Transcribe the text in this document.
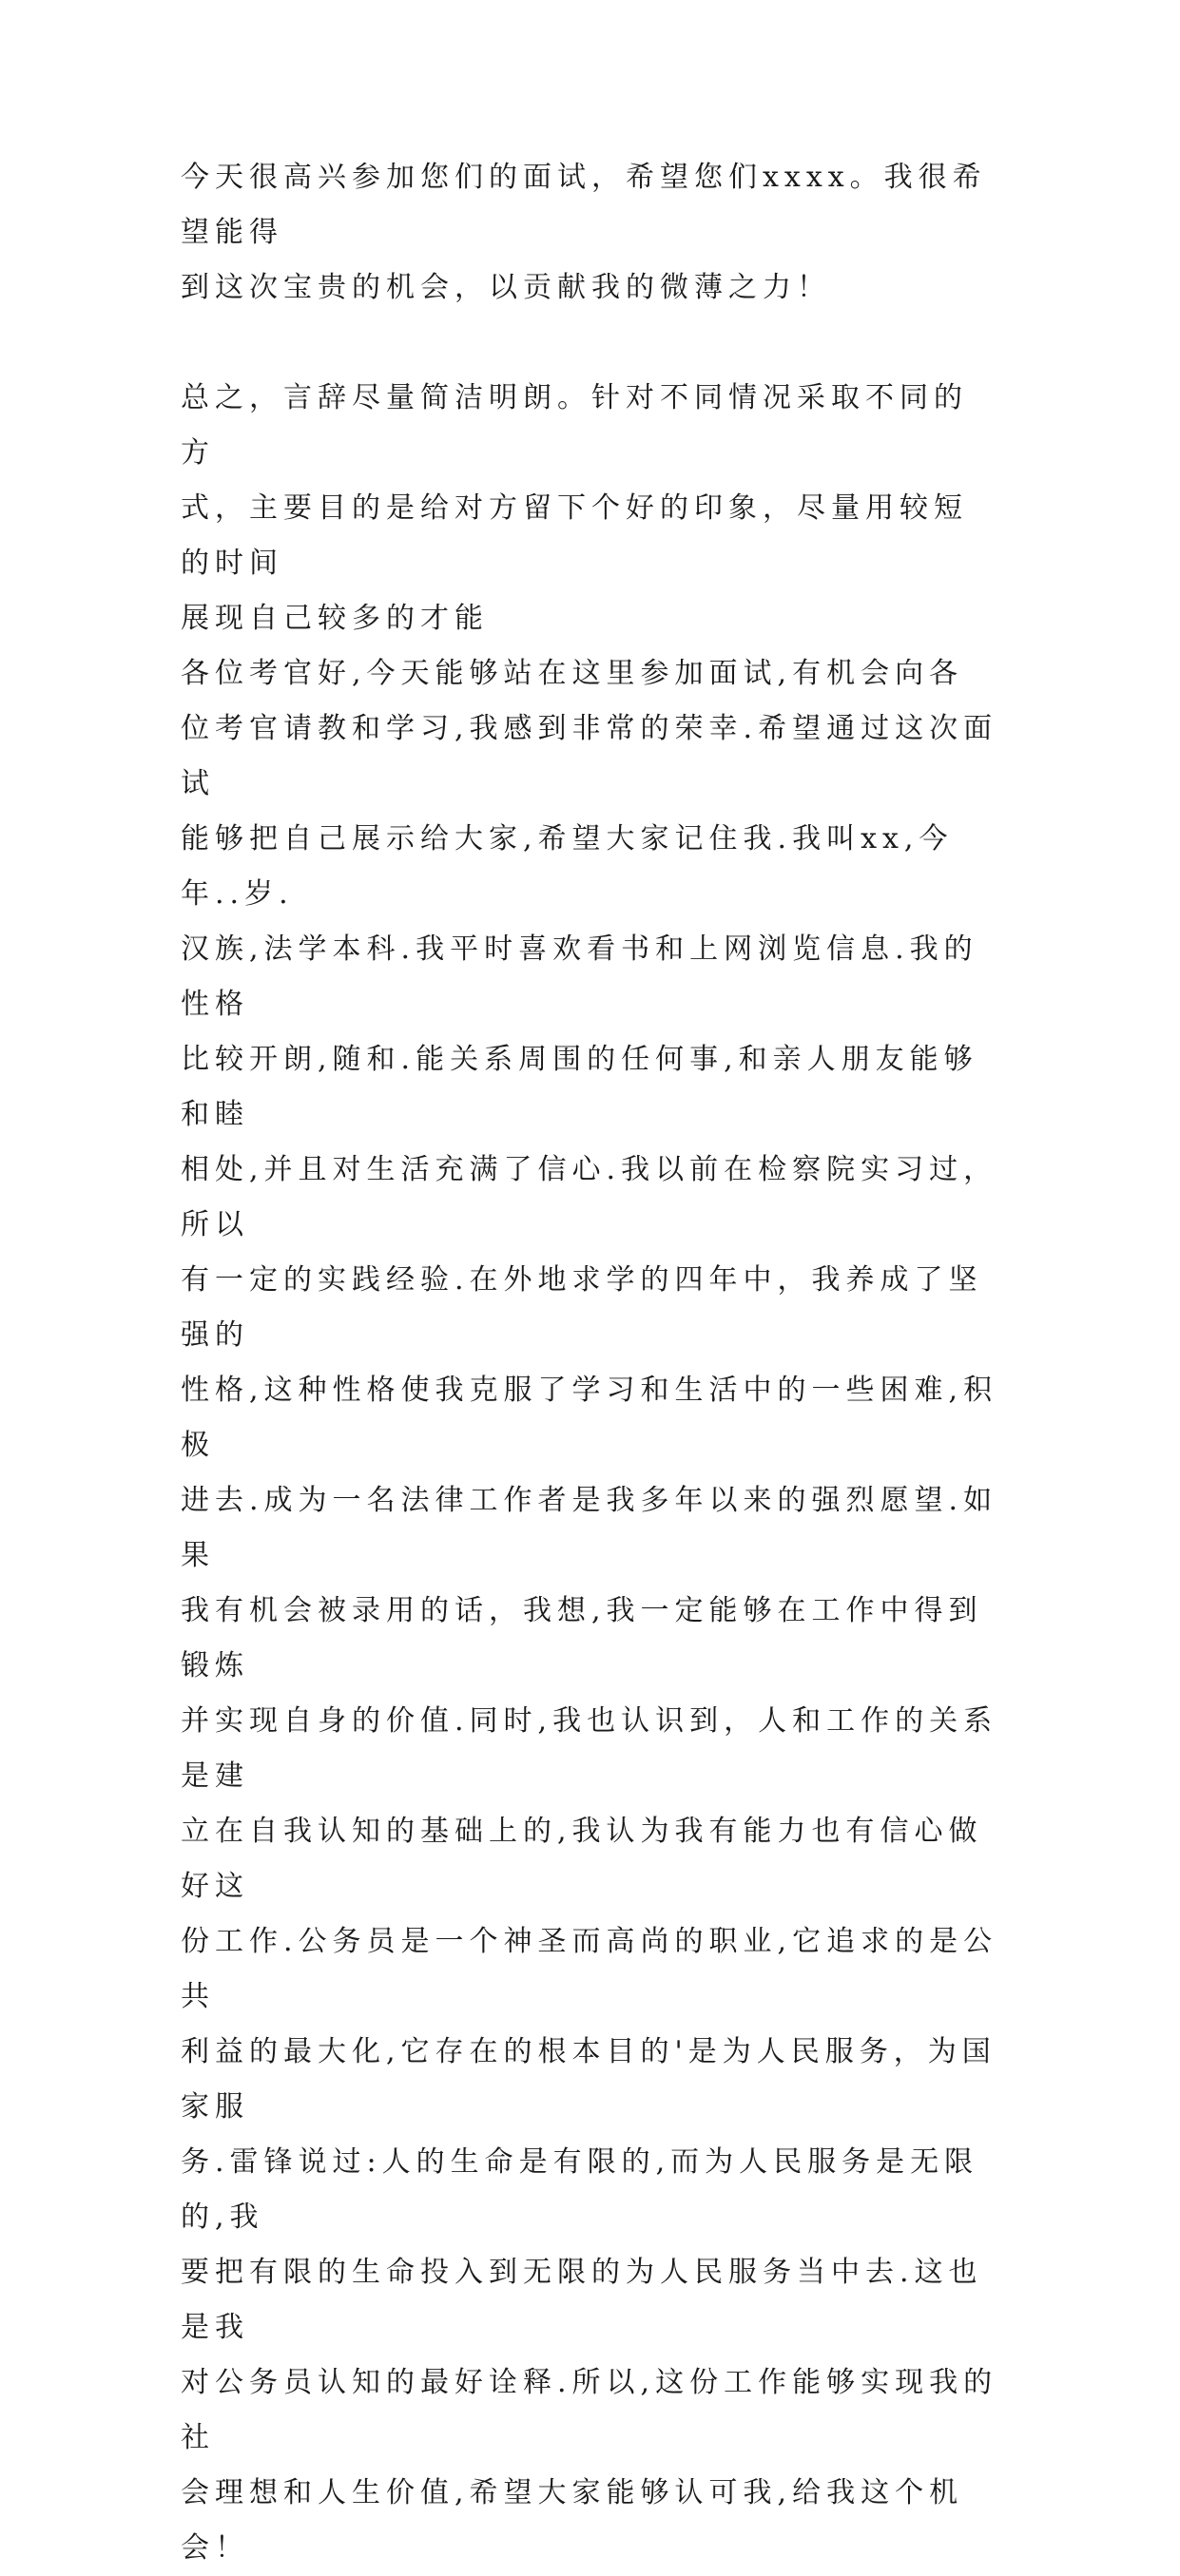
今天很高兴参加您们的面试，希望您们xxxx。我很希望能得
到这次宝贵的机会，以贡献我的微薄之力！

总之，言辞尽量简洁明朗。针对不同情况采取不同的方
式，主要目的是给对方留下个好的印象，尽量用较短的时间
展现自己较多的才能

各位考官好,今天能够站在这里参加面试,有机会向各
位考官请教和学习,我感到非常的荣幸.希望通过这次面试
能够把自己展示给大家,希望大家记住我.我叫xx,今年..岁.
汉族,法学本科.我平时喜欢看书和上网浏览信息.我的性格
比较开朗,随和.能关系周围的任何事,和亲人朋友能够和睦
相处,并且对生活充满了信心.我以前在检察院实习过，所以
有一定的实践经验.在外地求学的四年中，我养成了坚强的
性格,这种性格使我克服了学习和生活中的一些困难,积极
进去.成为一名法律工作者是我多年以来的强烈愿望.如果
我有机会被录用的话，我想,我一定能够在工作中得到锻炼
并实现自身的价值.同时,我也认识到，人和工作的关系是建
立在自我认知的基础上的,我认为我有能力也有信心做好这
份工作.公务员是一个神圣而高尚的职业,它追求的是公共
利益的最大化,它存在的根本目的'是为人民服务，为国家服
务.雷锋说过:人的生命是有限的,而为人民服务是无限的,我
要把有限的生命投入到无限的为人民服务当中去.这也是我
对公务员认知的最好诠释.所以,这份工作能够实现我的社
会理想和人生价值,希望大家能够认可我,给我这个机会！
